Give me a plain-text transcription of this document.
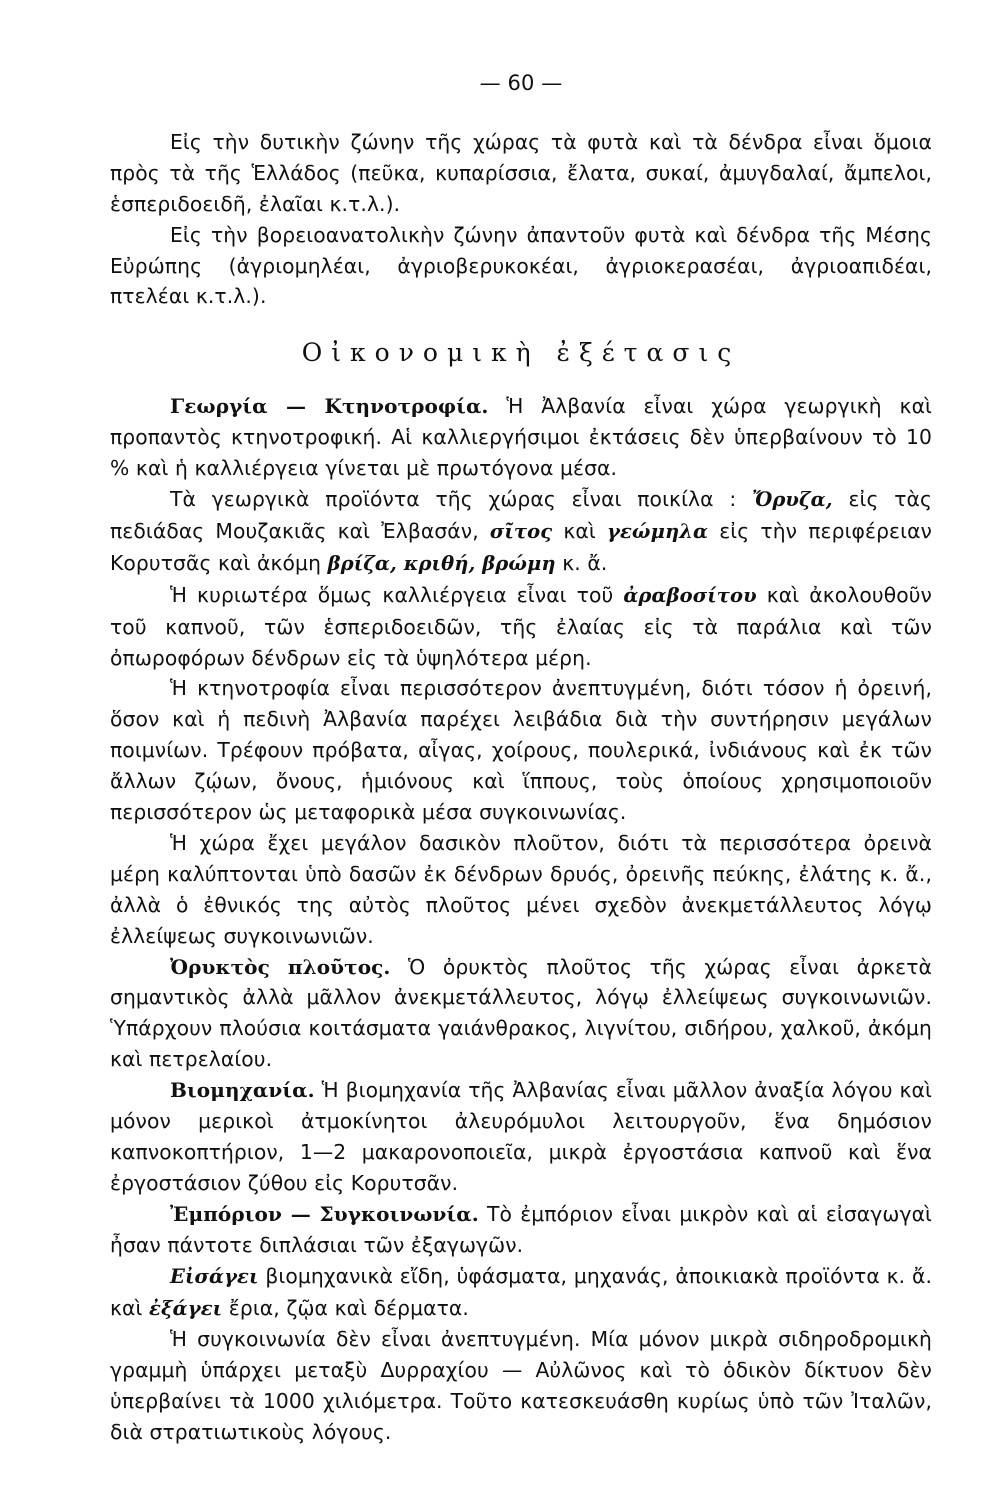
— 60 —

Εἰς τὴν δυτικὴν ζώνην τῆς χώρας τὰ φυτὰ καὶ τὰ δένδρα εἶναι ὅμοια πρὸς τὰ τῆς Ἑλλάδος (πεῦκα, κυπαρίσσια, ἔλατα, συκαί, ἀμυγδαλαί, ἄμπελοι, ἑσπεριδοειδῆ, ἐλαῖαι κ.τ.λ.).

Εἰς τὴν βορειοανατολικὴν ζώνην ἀπαντοῦν φυτὰ καὶ δένδρα τῆς Μέσης Εὐρώπης (ἀγριομηλέαι, ἀγριοβερυκοκέαι, ἀγριοκερασέαι, ἀγριοαπιδέαι, πτελέαι κ.τ.λ.).

Οἰκονομικὴ ἐξέτασις

Γεωργία — Κτηνοτροφία. Ἡ Ἀλβανία εἶναι χώρα γεωργικὴ καὶ προπαντὸς κτηνοτροφική. Αἱ καλλιεργήσιμοι ἐκτάσεις δὲν ὑπερβαίνουν τὸ 10 % καὶ ἡ καλλιέργεια γίνεται μὲ πρωτόγονα μέσα.

Τὰ γεωργικὰ προϊόντα τῆς χώρας εἶναι ποικίλα : Ὄρυζα, εἰς τὰς πεδιάδας Μουζακιᾶς καὶ Ἐλβασάν, σῖτος καὶ γεώμηλα εἰς τὴν περιφέρειαν Κορυτσᾶς καὶ ἀκόμη βρίζα, κριθή, βρώμη κ. ἄ.

Ἡ κυριωτέρα ὅμως καλλιέργεια εἶναι τοῦ ἀραβοσίτου καὶ ἀκολουθοῦν τοῦ καπνοῦ, τῶν ἑσπεριδοειδῶν, τῆς ἐλαίας εἰς τὰ παράλια καὶ τῶν ὀπωροφόρων δένδρων εἰς τὰ ὑψηλότερα μέρη.

Ἡ κτηνοτροφία εἶναι περισσότερον ἀνεπτυγμένη, διότι τόσον ἡ ὀρεινή, ὅσον καὶ ἡ πεδινὴ Ἀλβανία παρέχει λειβάδια διὰ τὴν συντήρησιν μεγάλων ποιμνίων. Τρέφουν πρόβατα, αἶγας, χοίρους, πουλερικά, ἰνδιάνους καὶ ἐκ τῶν ἄλλων ζῴων, ὄνους, ἡμιόνους καὶ ἵππους, τοὺς ὁποίους χρησιμοποιοῦν περισσότερον ὡς μεταφορικὰ μέσα συγκοινωνίας.

Ἡ χώρα ἔχει μεγάλον δασικὸν πλοῦτον, διότι τὰ περισσότερα ὀρεινὰ μέρη καλύπτονται ὑπὸ δασῶν ἐκ δένδρων δρυός, ὀρεινῆς πεύκης, ἐλάτης κ. ἄ., ἀλλὰ ὁ ἐθνικός της αὐτὸς πλοῦτος μένει σχεδὸν ἀνεκμετάλλευτος λόγῳ ἐλλείψεως συγκοινωνιῶν.

Ὀρυκτὸς πλοῦτος. Ὁ ὀρυκτὸς πλοῦτος τῆς χώρας εἶναι ἀρκετὰ σημαντικὸς ἀλλὰ μᾶλλον ἀνεκμετάλλευτος, λόγῳ ἐλλείψεως συγκοινωνιῶν. Ὑπάρχουν πλούσια κοιτάσματα γαιάνθρακος, λιγνίτου, σιδήρου, χαλκοῦ, ἀκόμη καὶ πετρελαίου.

Βιομηχανία. Ἡ βιομηχανία τῆς Ἀλβανίας εἶναι μᾶλλον ἀναξία λόγου καὶ μόνον μερικοὶ ἀτμοκίνητοι ἀλευρόμυλοι λειτουργοῦν, ἕνα δημόσιον καπνοκοπτήριον, 1—2 μακαρονοποιεῖα, μικρὰ ἐργοστάσια καπνοῦ καὶ ἕνα ἐργοστάσιον ζύθου εἰς Κορυτσᾶν.

Ἐμπόριον — Συγκοινωνία. Τὸ ἐμπόριον εἶναι μικρὸν καὶ αἱ εἰσαγωγαὶ ἦσαν πάντοτε διπλάσιαι τῶν ἐξαγωγῶν.

Εἰσάγει βιομηχανικὰ εἴδη, ὑφάσματα, μηχανάς, ἀποικιακὰ προϊόντα κ. ἄ. καὶ ἐξάγει ἔρια, ζῷα καὶ δέρματα.

Ἡ συγκοινωνία δὲν εἶναι ἀνεπτυγμένη. Μία μόνον μικρὰ σιδηροδρομικὴ γραμμὴ ὑπάρχει μεταξὺ Δυρραχίου — Αὐλῶνος καὶ τὸ ὁδικὸν δίκτυον δὲν ὑπερβαίνει τὰ 1000 χιλιόμετρα. Τοῦτο κατεσκευάσθη κυρίως ὑπὸ τῶν Ἰταλῶν, διὰ στρατιωτικοὺς λόγους.
